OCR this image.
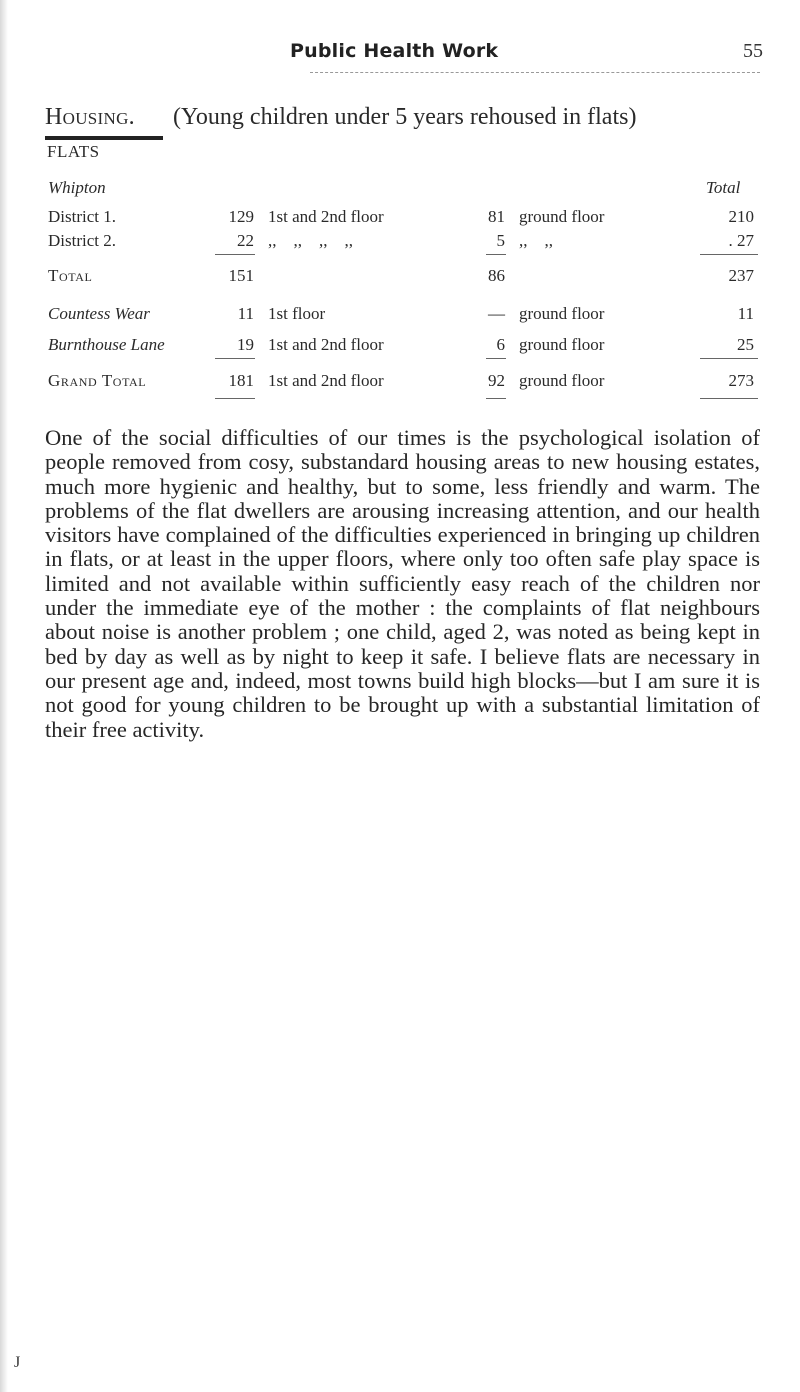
Public Health Work	55
Housing. (Young children under 5 years rehoused in flats)
FLATS
Whipton	Total
District 1.	129 1st and 2nd floor	81 ground floor	210
District 2.	22 ,,    ,,    ,,    ,,	5 ,,    ,,	. 27
Total	151	86	237
Countess Wear	11 1st floor	— ground floor	11
Burnthouse Lane	19 1st and 2nd floor	6 ground floor	25
Grand Total	181 1st and 2nd floor	92 ground floor	273

One of the social difficulties of our times is the psychological isolation of people removed from cosy, substandard housing areas to new housing estates, much more hygienic and healthy, but to some, less friendly and warm. The problems of the flat dwellers are arousing increasing attention, and our health visitors have complained of the difficulties experienced in bringing up children in flats, or at least in the upper floors, where only too often safe play space is limited and not available within sufficiently easy reach of the children nor under the immediate eye of the mother : the complaints of flat neighbours about noise is another problem ; one child, aged 2, was noted as being kept in bed by day as well as by night to keep it safe. I believe flats are necessary in our present age and, indeed, most towns build high blocks—but I am sure it is not good for young children to be brought up with a substantial limitation of their free activity.

J
